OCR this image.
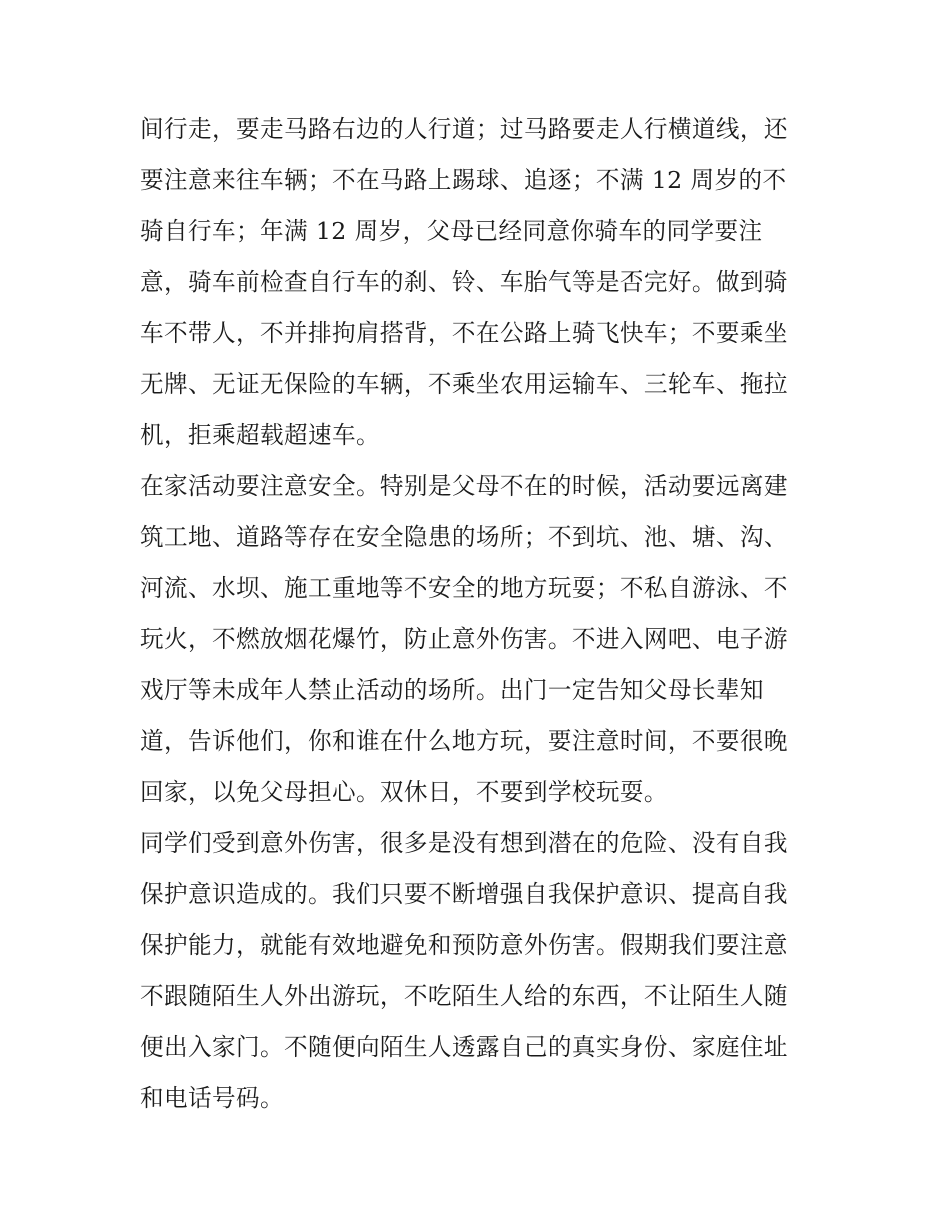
间行走，要走马路右边的人行道；过马路要走人行横道线，还
要注意来往车辆；不在马路上踢球、追逐；不满 12 周岁的不
骑自行车；年满 12 周岁，父母已经同意你骑车的同学要注
意，骑车前检查自行车的刹、铃、车胎气等是否完好。做到骑
车不带人，不并排拘肩搭背，不在公路上骑飞快车；不要乘坐
无牌、无证无保险的车辆，不乘坐农用运输车、三轮车、拖拉
机，拒乘超载超速车。
在家活动要注意安全。特别是父母不在的时候，活动要远离建
筑工地、道路等存在安全隐患的场所；不到坑、池、塘、沟、
河流、水坝、施工重地等不安全的地方玩耍；不私自游泳、不
玩火，不燃放烟花爆竹，防止意外伤害。不进入网吧、电子游
戏厅等未成年人禁止活动的场所。出门一定告知父母长辈知
道，告诉他们，你和谁在什么地方玩，要注意时间，不要很晚
回家，以免父母担心。双休日，不要到学校玩耍。
同学们受到意外伤害，很多是没有想到潜在的危险、没有自我
保护意识造成的。我们只要不断增强自我保护意识、提高自我
保护能力，就能有效地避免和预防意外伤害。假期我们要注意
不跟随陌生人外出游玩，不吃陌生人给的东西，不让陌生人随
便出入家门。不随便向陌生人透露自己的真实身份、家庭住址
和电话号码。
